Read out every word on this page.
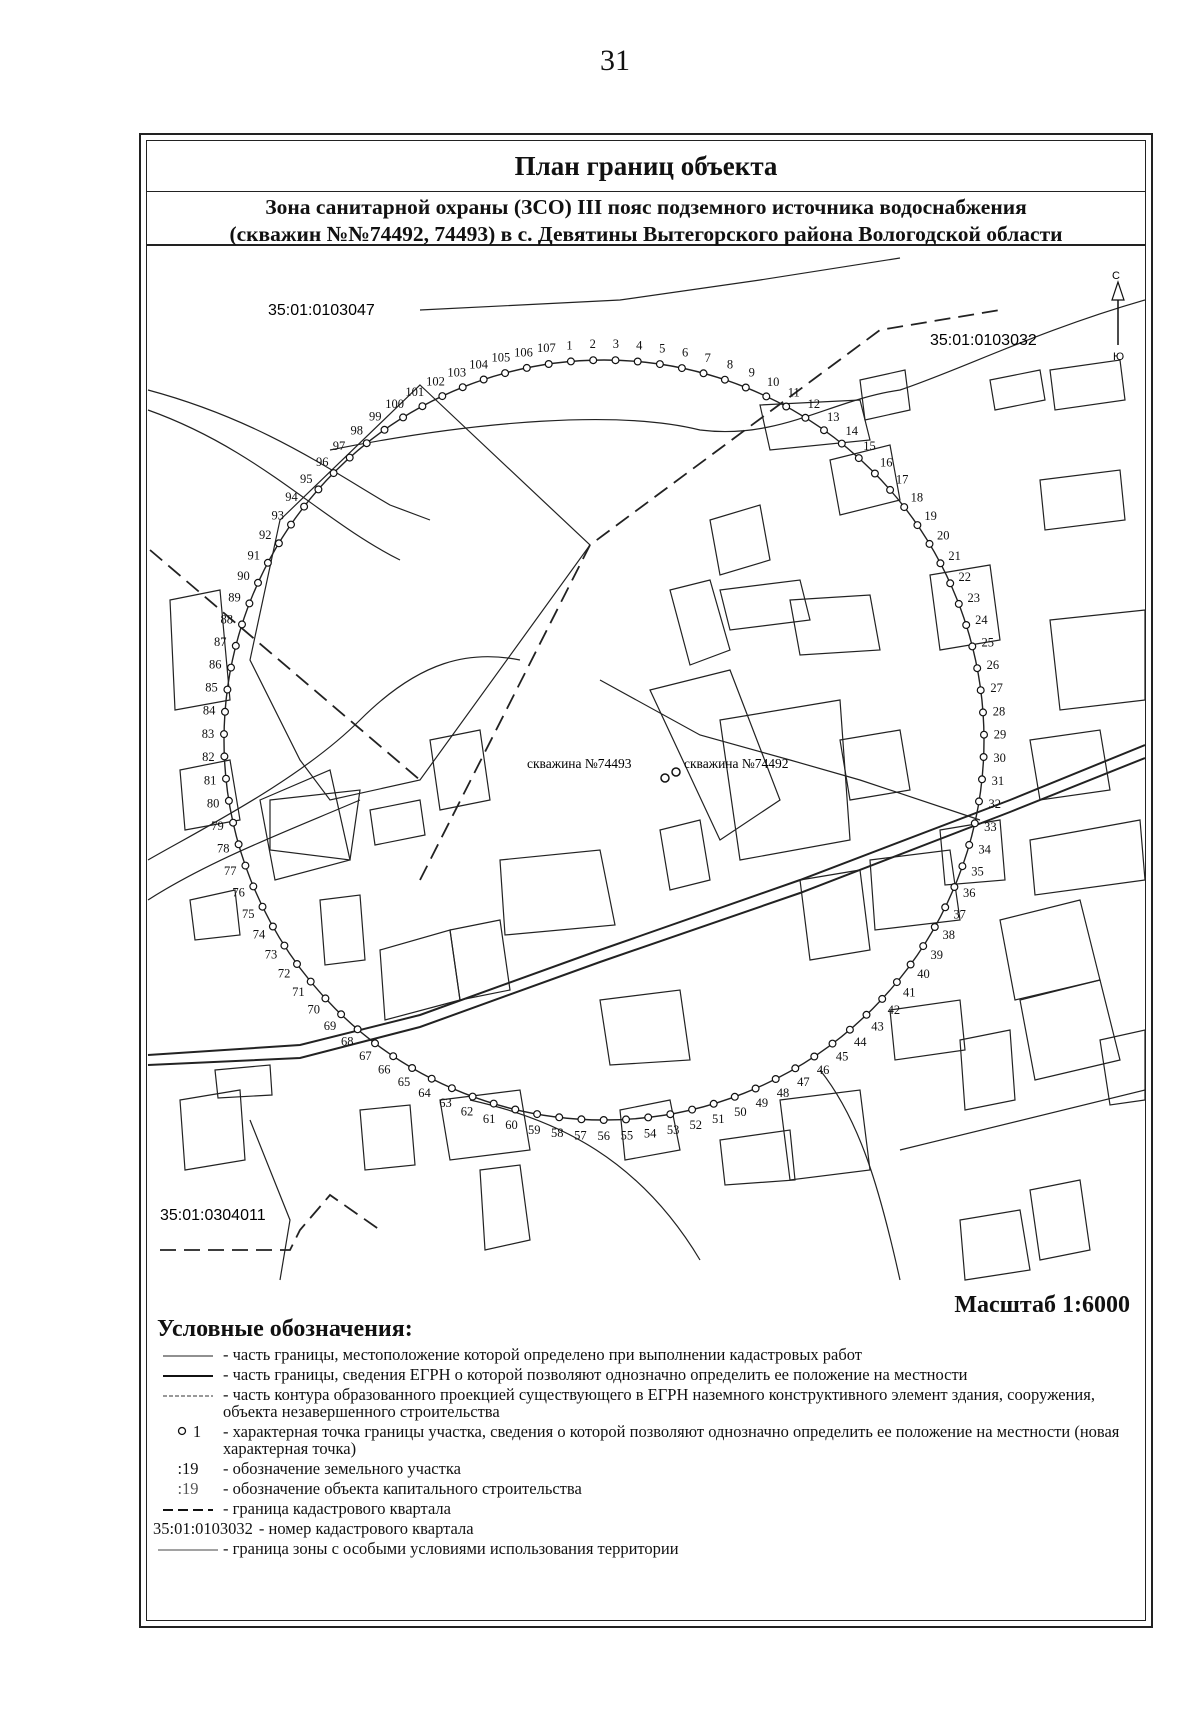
31
План границ объекта
Зона санитарной охраны (ЗСО) III пояс подземного источника водоснабжения
(скважин №№74492, 74493) в с. Девятины Вытегорского района Вологодской области
1 2 3 4 5 6 7 8
9
10
11
12
13
14
15
16
17
18
19
20
21
22
23
24
25
26
27
28
29
30
31
32
33
34
35
36
37
38
39
40
41
42
43
44
45
46
47
48
49
50
51
52
53
54
55
56
57
58
59
60
61
62
63
64
65
66
67
68
69
70
71
72
73
74
75
76
77
78
79
80
81
82
83
84
85
86
87
88
89
90
91
92
93
94
95
96
97
98
99
100
101
102
103
104 105 106 107
35:01:0103047
35:01:0103032
35:01:0304011
скважина №74493	скважина №74492
С
Ю
Масштаб 1:6000
Условные обозначения:
- часть границы, местоположение которой определено при выполнении кадастровых работ
- часть границы, сведения ЕГРН о которой позволяют однозначно определить ее положение на местности
- часть контура образованного проекцией существующего в ЕГРН наземного конструктивного элемент здания, сооружения, объекта незавершенного строительства
1 - характерная точка границы участка, сведения о которой позволяют однозначно определить ее положение на местности (новая характерная точка)
:19 - обозначение земельного участка
:19 - обозначение объекта капитального строительства
- граница кадастрового квартала
35:01:0103032 - номер кадастрового квартала
- граница зоны с особыми условиями использования территории
